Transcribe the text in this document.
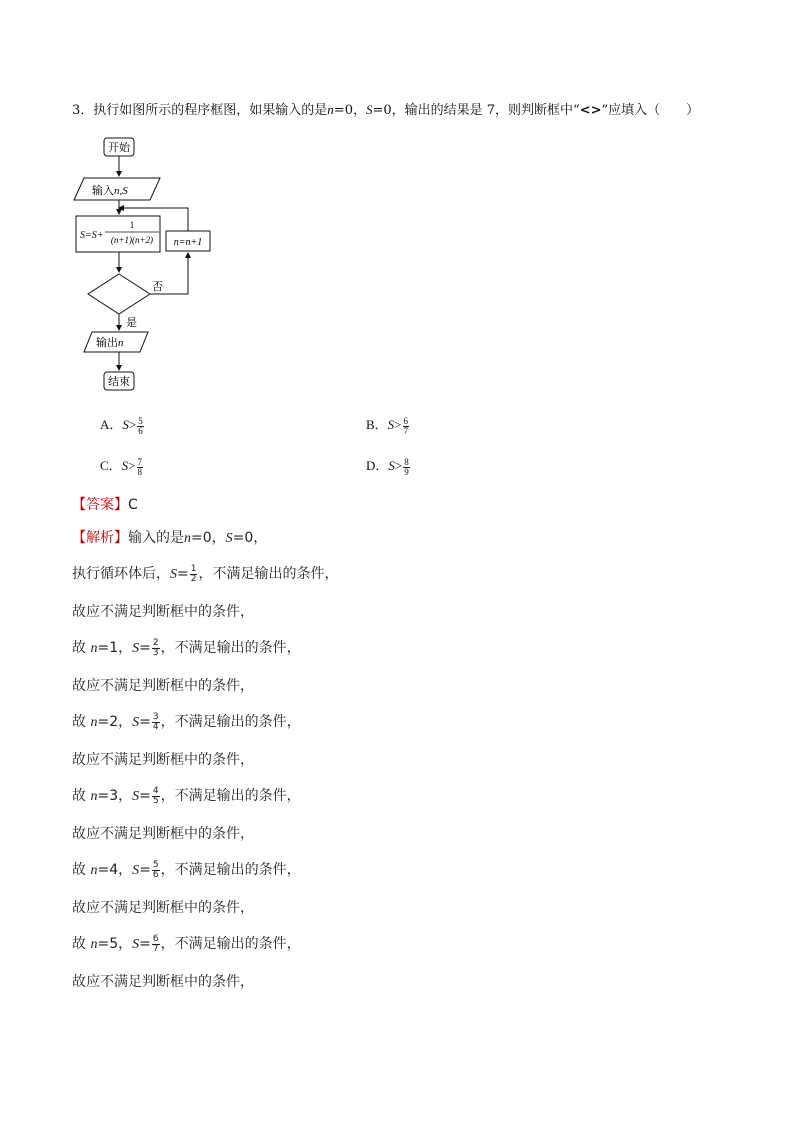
3．执行如图所示的程序框图，如果输入的是n=0，S=0，输出的结果是 7，则判断框中“<>”应填入（　　）
开始
输入n,S
S=S+
1
(n+1)(n+2) n=n+1
否
是
输出n
结束
A．$S> \frac{5}{6}$	B．$S> \frac{6}{7}$
C．$S> \frac{7}{8}$	D．$S> \frac{8}{9}$
【答案】C
【解析】输入的是n=0，S=0，
执行循环体后，$S= \frac{1}{2}$ ，不满足输出的条件，
故应不满足判断框中的条件，
故 n=1，$S= \frac{2}{3}$ ，不满足输出的条件，
故应不满足判断框中的条件，
故 n=2，$S= \frac{3}{4}$ ，不满足输出的条件，
故应不满足判断框中的条件，
故 n=3，$S= \frac{4}{5}$ ，不满足输出的条件，
故应不满足判断框中的条件，
故 n=4，$S= \frac{5}{6}$ ，不满足输出的条件，
故应不满足判断框中的条件，
故 n=5，$S= \frac{6}{7}$ ，不满足输出的条件，
故应不满足判断框中的条件，
